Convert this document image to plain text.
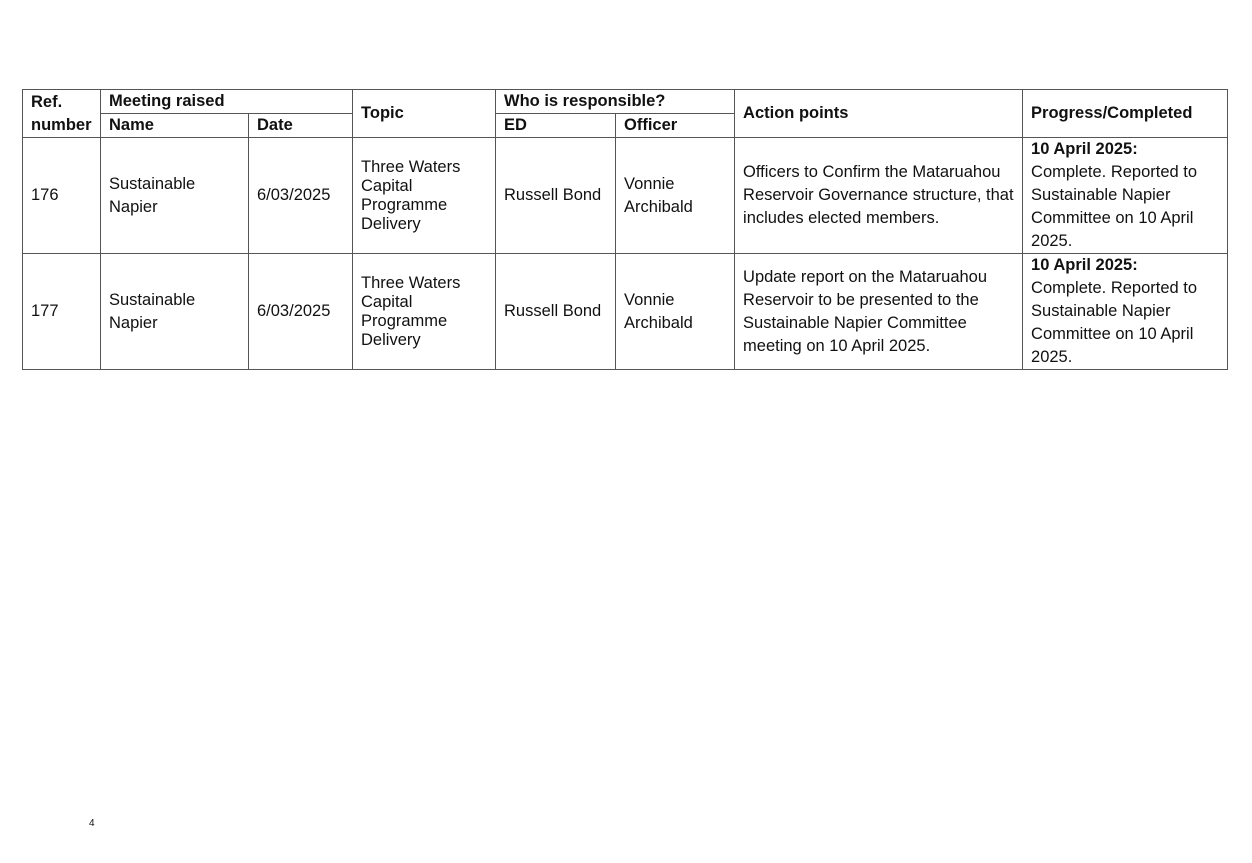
Ref. number	Meeting raised		Topic	Who is responsible?		Action points	Progress/Completed
	Name	Date		ED	Officer		
176	Sustainable Napier	6/03/2025	Three Waters Capital Programme Delivery	Russell Bond	Vonnie Archibald	Officers to Confirm the Mataruahou Reservoir Governance structure, that includes elected members.	10 April 2025:
Complete. Reported to Sustainable Napier Committee on 10 April 2025.
177	Sustainable Napier	6/03/2025	Three Waters Capital Programme Delivery	Russell Bond	Vonnie Archibald	Update report on the Mataruahou Reservoir to be presented to the Sustainable Napier Committee meeting on 10 April 2025.	10 April 2025:
Complete. Reported to Sustainable Napier Committee on 10 April 2025.
4
